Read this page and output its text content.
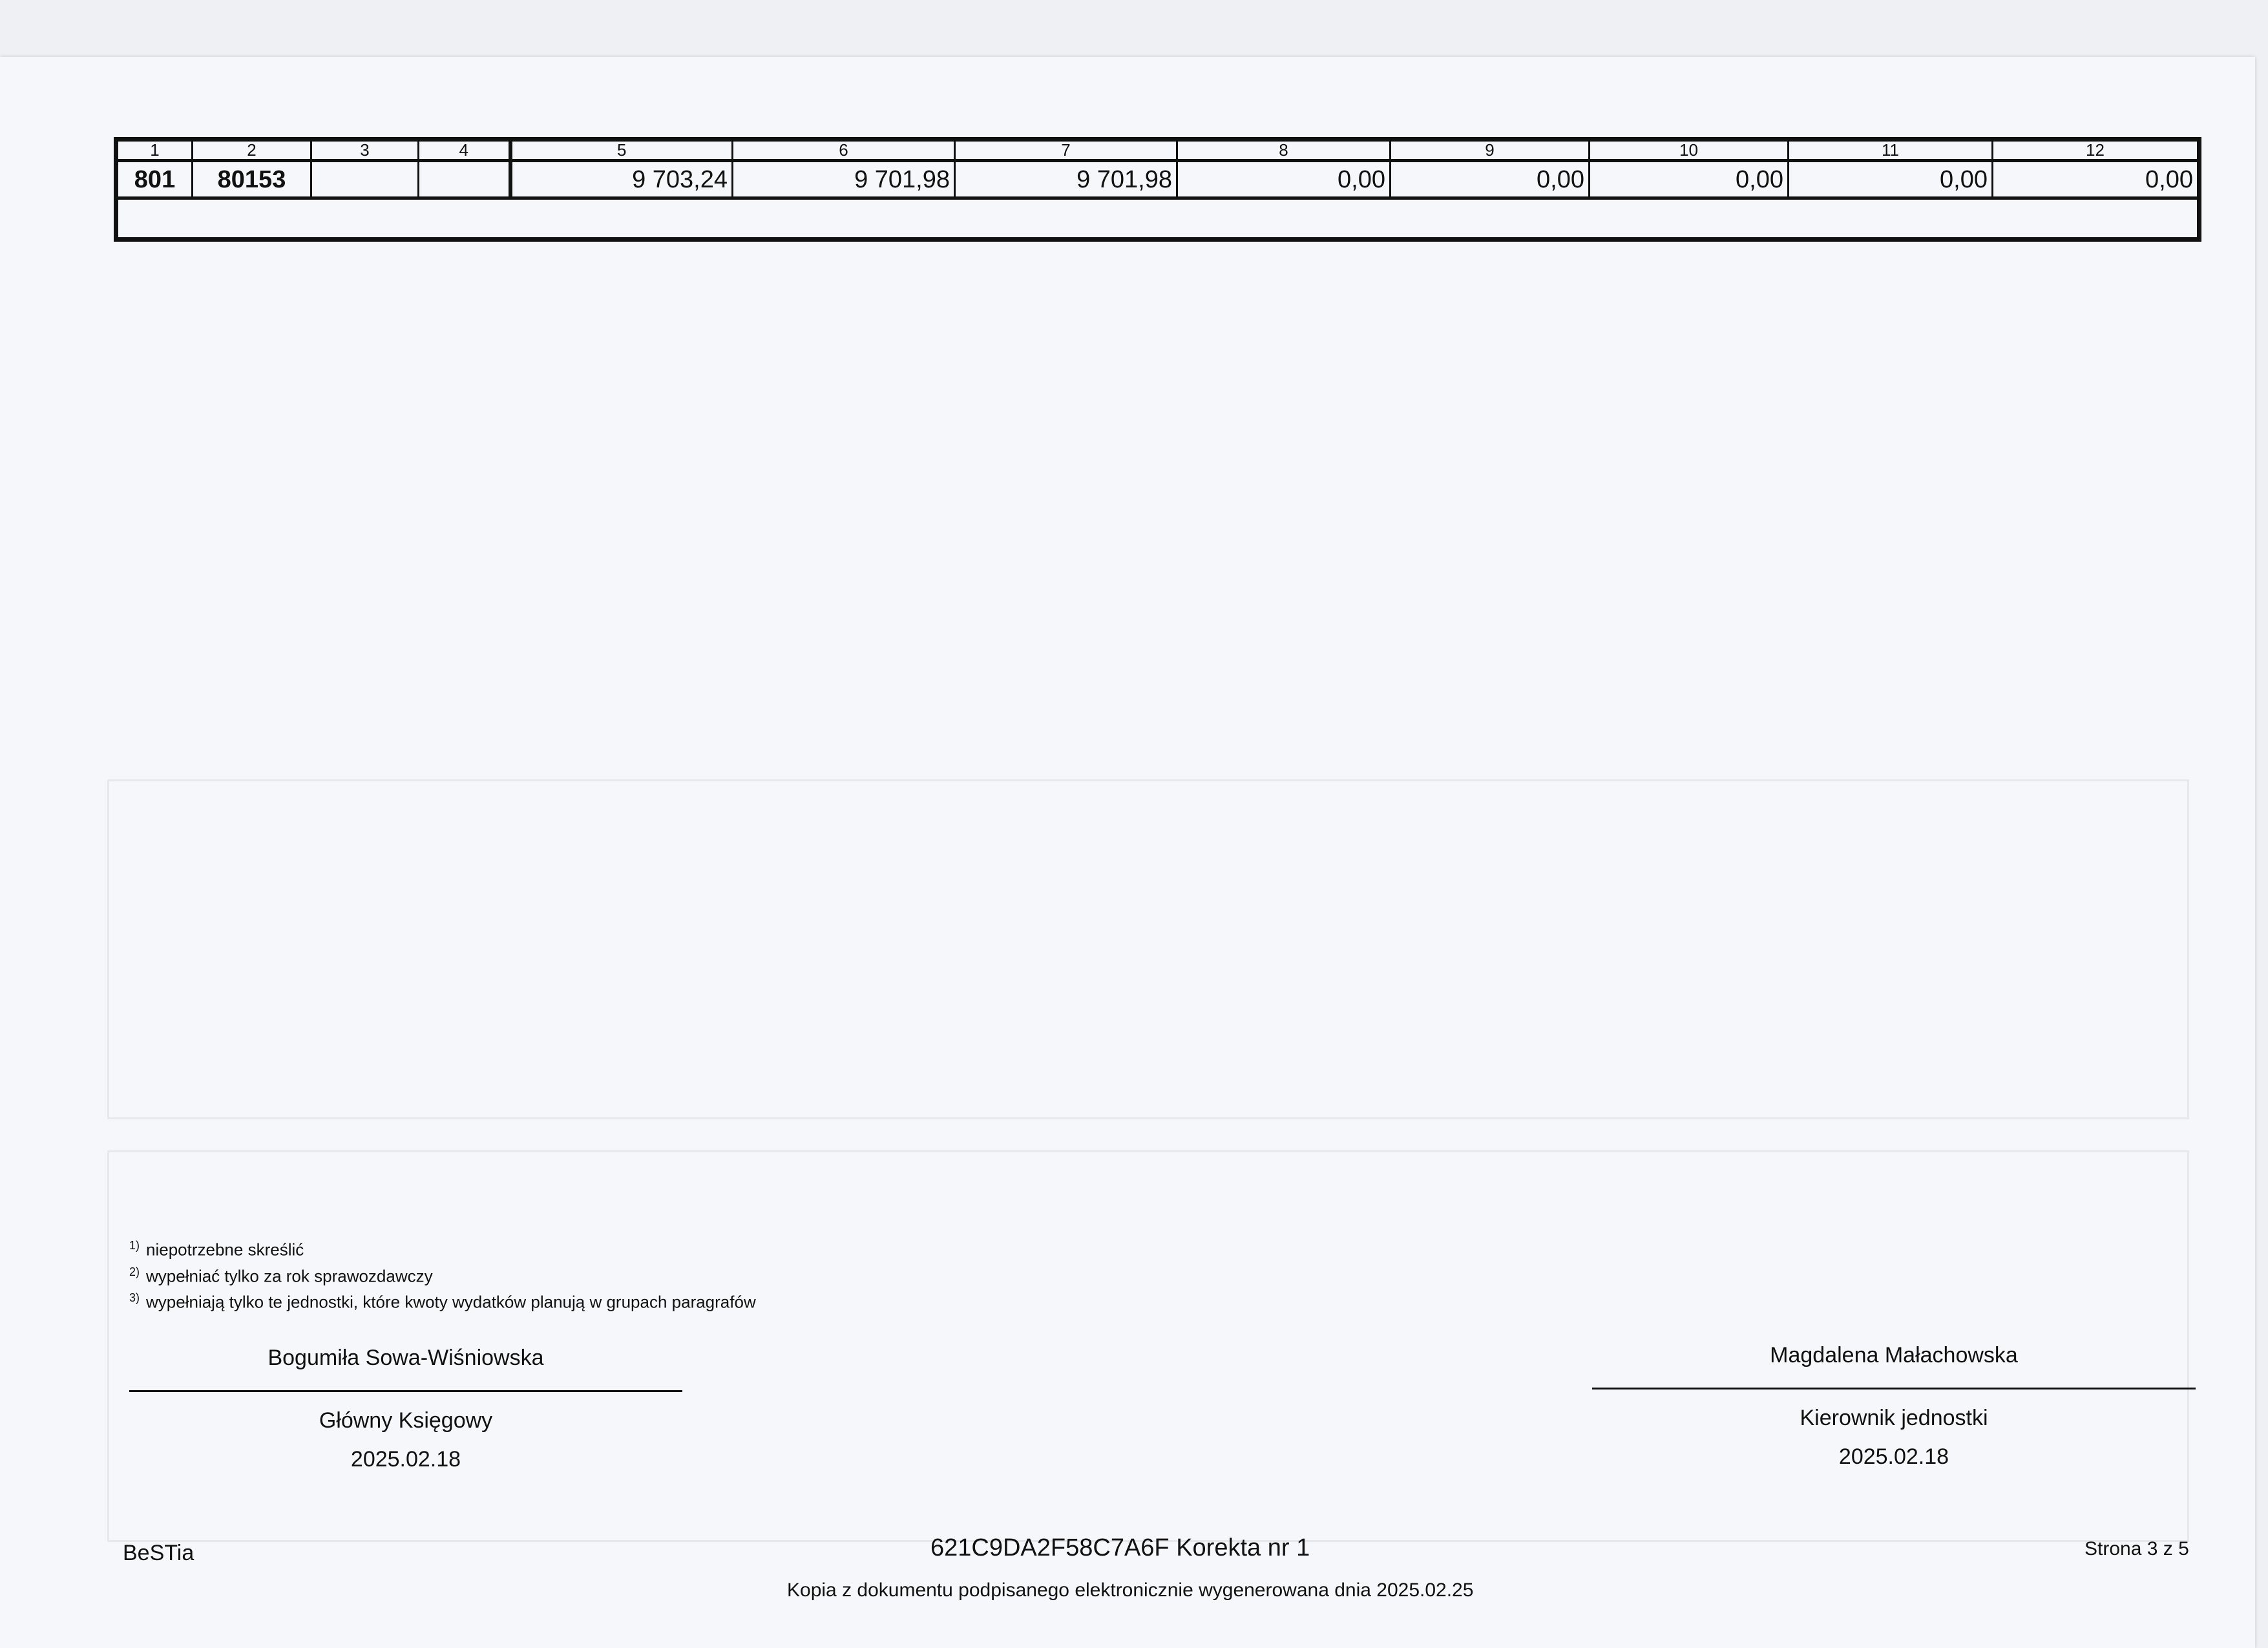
1	2	3	4	5	6	7	8	9	10	11	12
801	80153			9 703,24	9 701,98	9 701,98	0,00	0,00	0,00	0,00	0,00

$^{1)}$ niepotrzebne skreślić
$^{2)}$ wypełniać tylko za rok sprawozdawczy
$^{3)}$ wypełniają tylko te jednostki, które kwoty wydatków planują w grupach paragrafów
Bogumiła Sowa-Wiśniowska
Główny Księgowy
2025.02.18
Magdalena Małachowska
Kierownik jednostki
2025.02.18
BeSTia	621C9DA2F58C7A6F Korekta nr 1	Strona 3 z 5
Kopia z dokumentu podpisanego elektronicznie wygenerowana dnia 2025.02.25
